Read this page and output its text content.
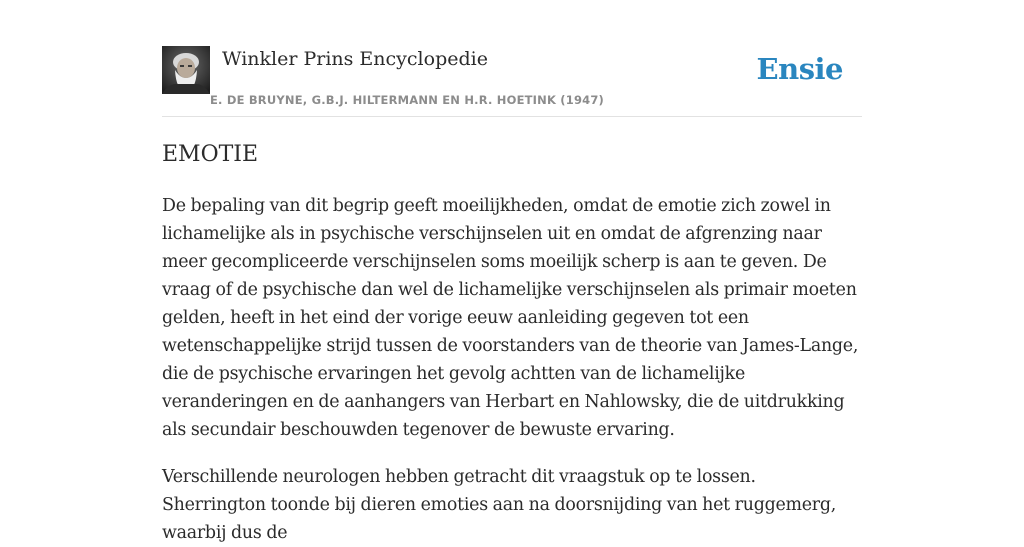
Winkler Prins Encyclopedie
E. DE BRUYNE, G.B.J. HILTERMANN EN H.R. HOETINK (1947)
Ensie
EMOTIE

De bepaling van dit begrip geeft moeilijkheden, omdat de emotie zich zowel in lichamelijke als in psychische verschijnselen uit en omdat de afgrenzing naar meer gecompliceerde verschijnselen soms moeilijk scherp is aan te geven. De vraag of de psychische dan wel de lichamelijke verschijnselen als primair moeten gelden, heeft in het eind der vorige eeuw aanleiding gegeven tot een wetenschappelijke strijd tussen de voorstanders van de theorie van James-Lange, die de psychische ervaringen het gevolg achtten van de lichamelijke veranderingen en de aanhangers van Herbart en Nahlowsky, die de uitdrukking als secundair beschouwden tegenover de bewuste ervaring.

Verschillende neurologen hebben getracht dit vraagstuk op te lossen. Sherrington toonde bij dieren emoties aan na doorsnijding van het ruggemerg, waarbij dus de
